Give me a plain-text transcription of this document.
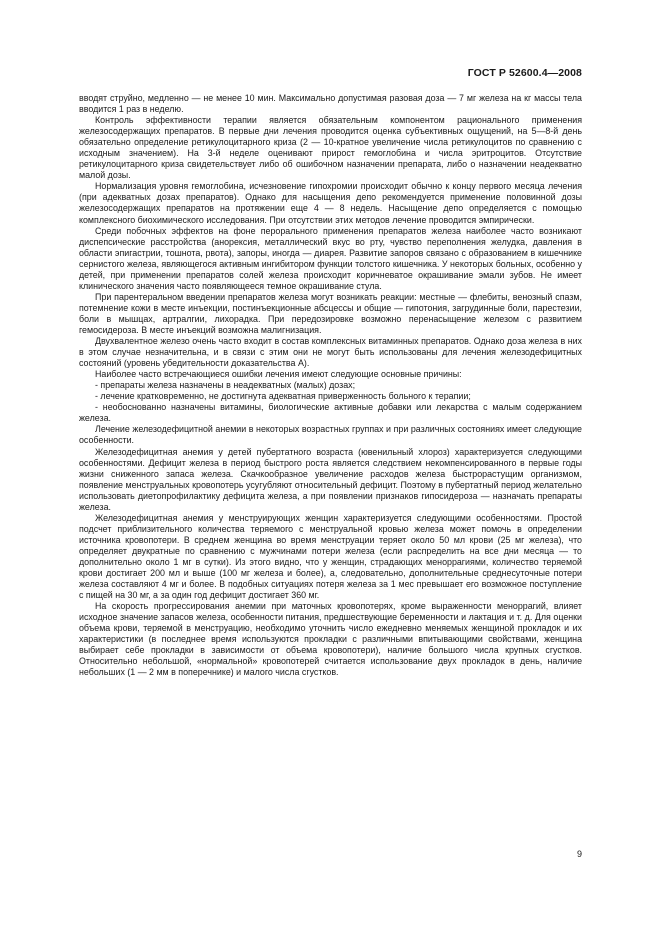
ГОСТ Р 52600.4—2008

вводят струйно, медленно — не менее 10 мин. Максимально допустимая разовая доза — 7 мг железа на кг массы тела вводится 1 раз в неделю.

Контроль эффективности терапии является обязательным компонентом рационального применения железосодержащих препаратов. В первые дни лечения проводится оценка субъективных ощущений, на 5—8-й день обязательно определение ретикулоцитарного криза (2 — 10-кратное увеличение числа ретикулоцитов по сравнению с исходным значением). На 3-й неделе оценивают прирост гемоглобина и числа эритроцитов. Отсутствие ретикулоцитарного криза свидетельствует либо об ошибочном назначении препарата, либо о назначении неадекватно малой дозы.

Нормализация уровня гемоглобина, исчезновение гипохромии происходит обычно к концу первого месяца лечения (при адекватных дозах препаратов). Однако для насыщения депо рекомендуется применение половинной дозы железосодержащих препаратов на протяжении еще 4 — 8 недель. Насыщение депо определяется с помощью комплексного биохимического исследования. При отсутствии этих методов лечение проводится эмпирически.

Среди побочных эффектов на фоне перорального применения препаратов железа наиболее часто возникают диспепсические расстройства (анорексия, металлический вкус во рту, чувство переполнения желудка, давления в области эпигастрии, тошнота, рвота), запоры, иногда — диарея. Развитие запоров связано с образованием в кишечнике сернистого железа, являющегося активным ингибитором функции толстого кишечника. У некоторых больных, особенно у детей, при применении препаратов солей железа происходит коричневатое окрашивание эмали зубов. Не имеет клинического значения часто появляющееся темное окрашивание стула.

При парентеральном введении препаратов железа могут возникать реакции: местные — флебиты, венозный спазм, потемнение кожи в месте инъекции, постинъекционные абсцессы и общие — гипотония, загрудинные боли, парестезии, боли в мышцах, артралгии, лихорадка. При передозировке возможно перенасыщение железом с развитием гемосидероза. В месте инъекций возможна малигнизация.

Двухвалентное железо очень часто входит в состав комплексных витаминных препаратов. Однако доза железа в них в этом случае незначительна, и в связи с этим они не могут быть использованы для лечения железодефицитных состояний (уровень убедительности доказательства А).

Наиболее часто встречающиеся ошибки лечения имеют следующие основные причины:

- препараты железа назначены в неадекватных (малых) дозах;

- лечение кратковременно, не достигнута адекватная приверженность больного к терапии;

- необоснованно назначены витамины, биологические активные добавки или лекарства с малым содержанием железа.

Лечение железодефицитной анемии в некоторых возрастных группах и при различных состояниях имеет следующие особенности.

Железодефицитная анемия у детей пубертатного возраста (ювенильный хлороз) характеризуется следующими особенностями. Дефицит железа в период быстрого роста является следствием некомпенсированного в первые годы жизни сниженного запаса железа. Скачкообразное увеличение расходов железа быстрорастущим организмом, появление менструальных кровопотерь усугубляют относительный дефицит. Поэтому в пубертатный период желательно использовать диетопрофилактику дефицита железа, а при появлении признаков гипосидероза — назначать препараты железа.

Железодефицитная анемия у менструирующих женщин характеризуется следующими особенностями. Простой подсчет приблизительного количества теряемого с менструальной кровью железа может помочь в определении источника кровопотери. В среднем женщина во время менструации теряет около 50 мл крови (25 мг железа), что определяет двукратные по сравнению с мужчинами потери железа (если распределить на все дни месяца — то дополнительно около 1 мг в сутки). Из этого видно, что у женщин, страдающих меноррагиями, количество теряемой крови достигает 200 мл и выше (100 мг железа и более), а, следовательно, дополнительные среднесуточные потери железа составляют 4 мг и более. В подобных ситуациях потеря железа за 1 мес превышает его возможное поступление с пищей на 30 мг, а за один год дефицит достигает 360 мг.

На скорость прогрессирования анемии при маточных кровопотерях, кроме выраженности меноррагий, влияет исходное значение запасов железа, особенности питания, предшествующие беременности и лактация и т. д. Для оценки объема крови, теряемой в менструацию, необходимо уточнить число ежедневно меняемых женщиной прокладок и их характеристики (в последнее время используются прокладки с различными впитывающими свойствами, женщина выбирает себе прокладки в зависимости от объема кровопотери), наличие большого числа крупных сгустков. Относительно небольшой, «нормальной» кровопотерей считается использование двух прокладок в день, наличие небольших (1 — 2 мм в поперечнике) и малого числа сгустков.

9
